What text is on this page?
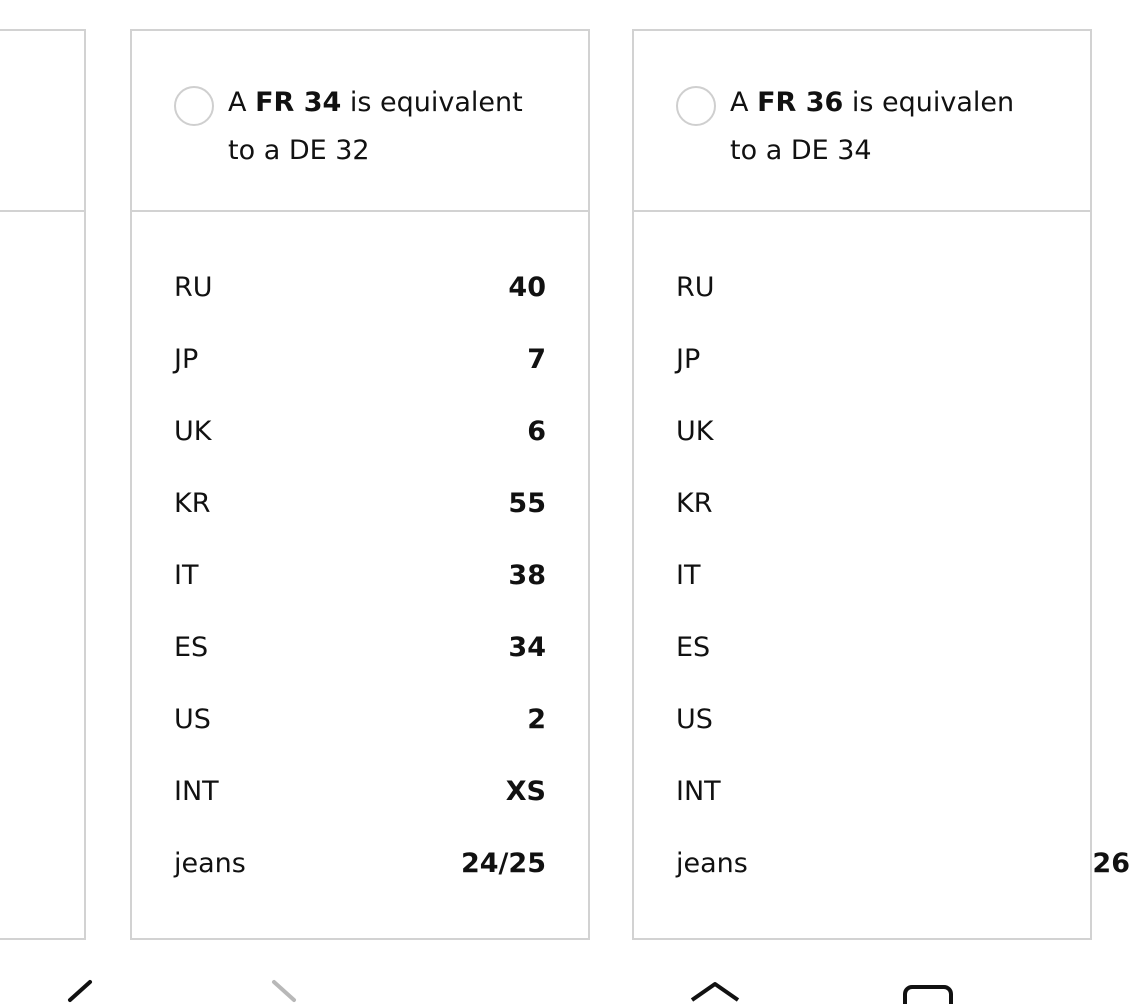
A FR 34 is equivalent
to a DE 32
RU	40
JP	7
UK	6
KR	55
IT	38
ES	34
US	2
INT	XS
jeans	24/25
A FR 36 is equivalen
to a DE 34
RU
JP
UK
KR
IT
ES
US
INT
jeans	26
